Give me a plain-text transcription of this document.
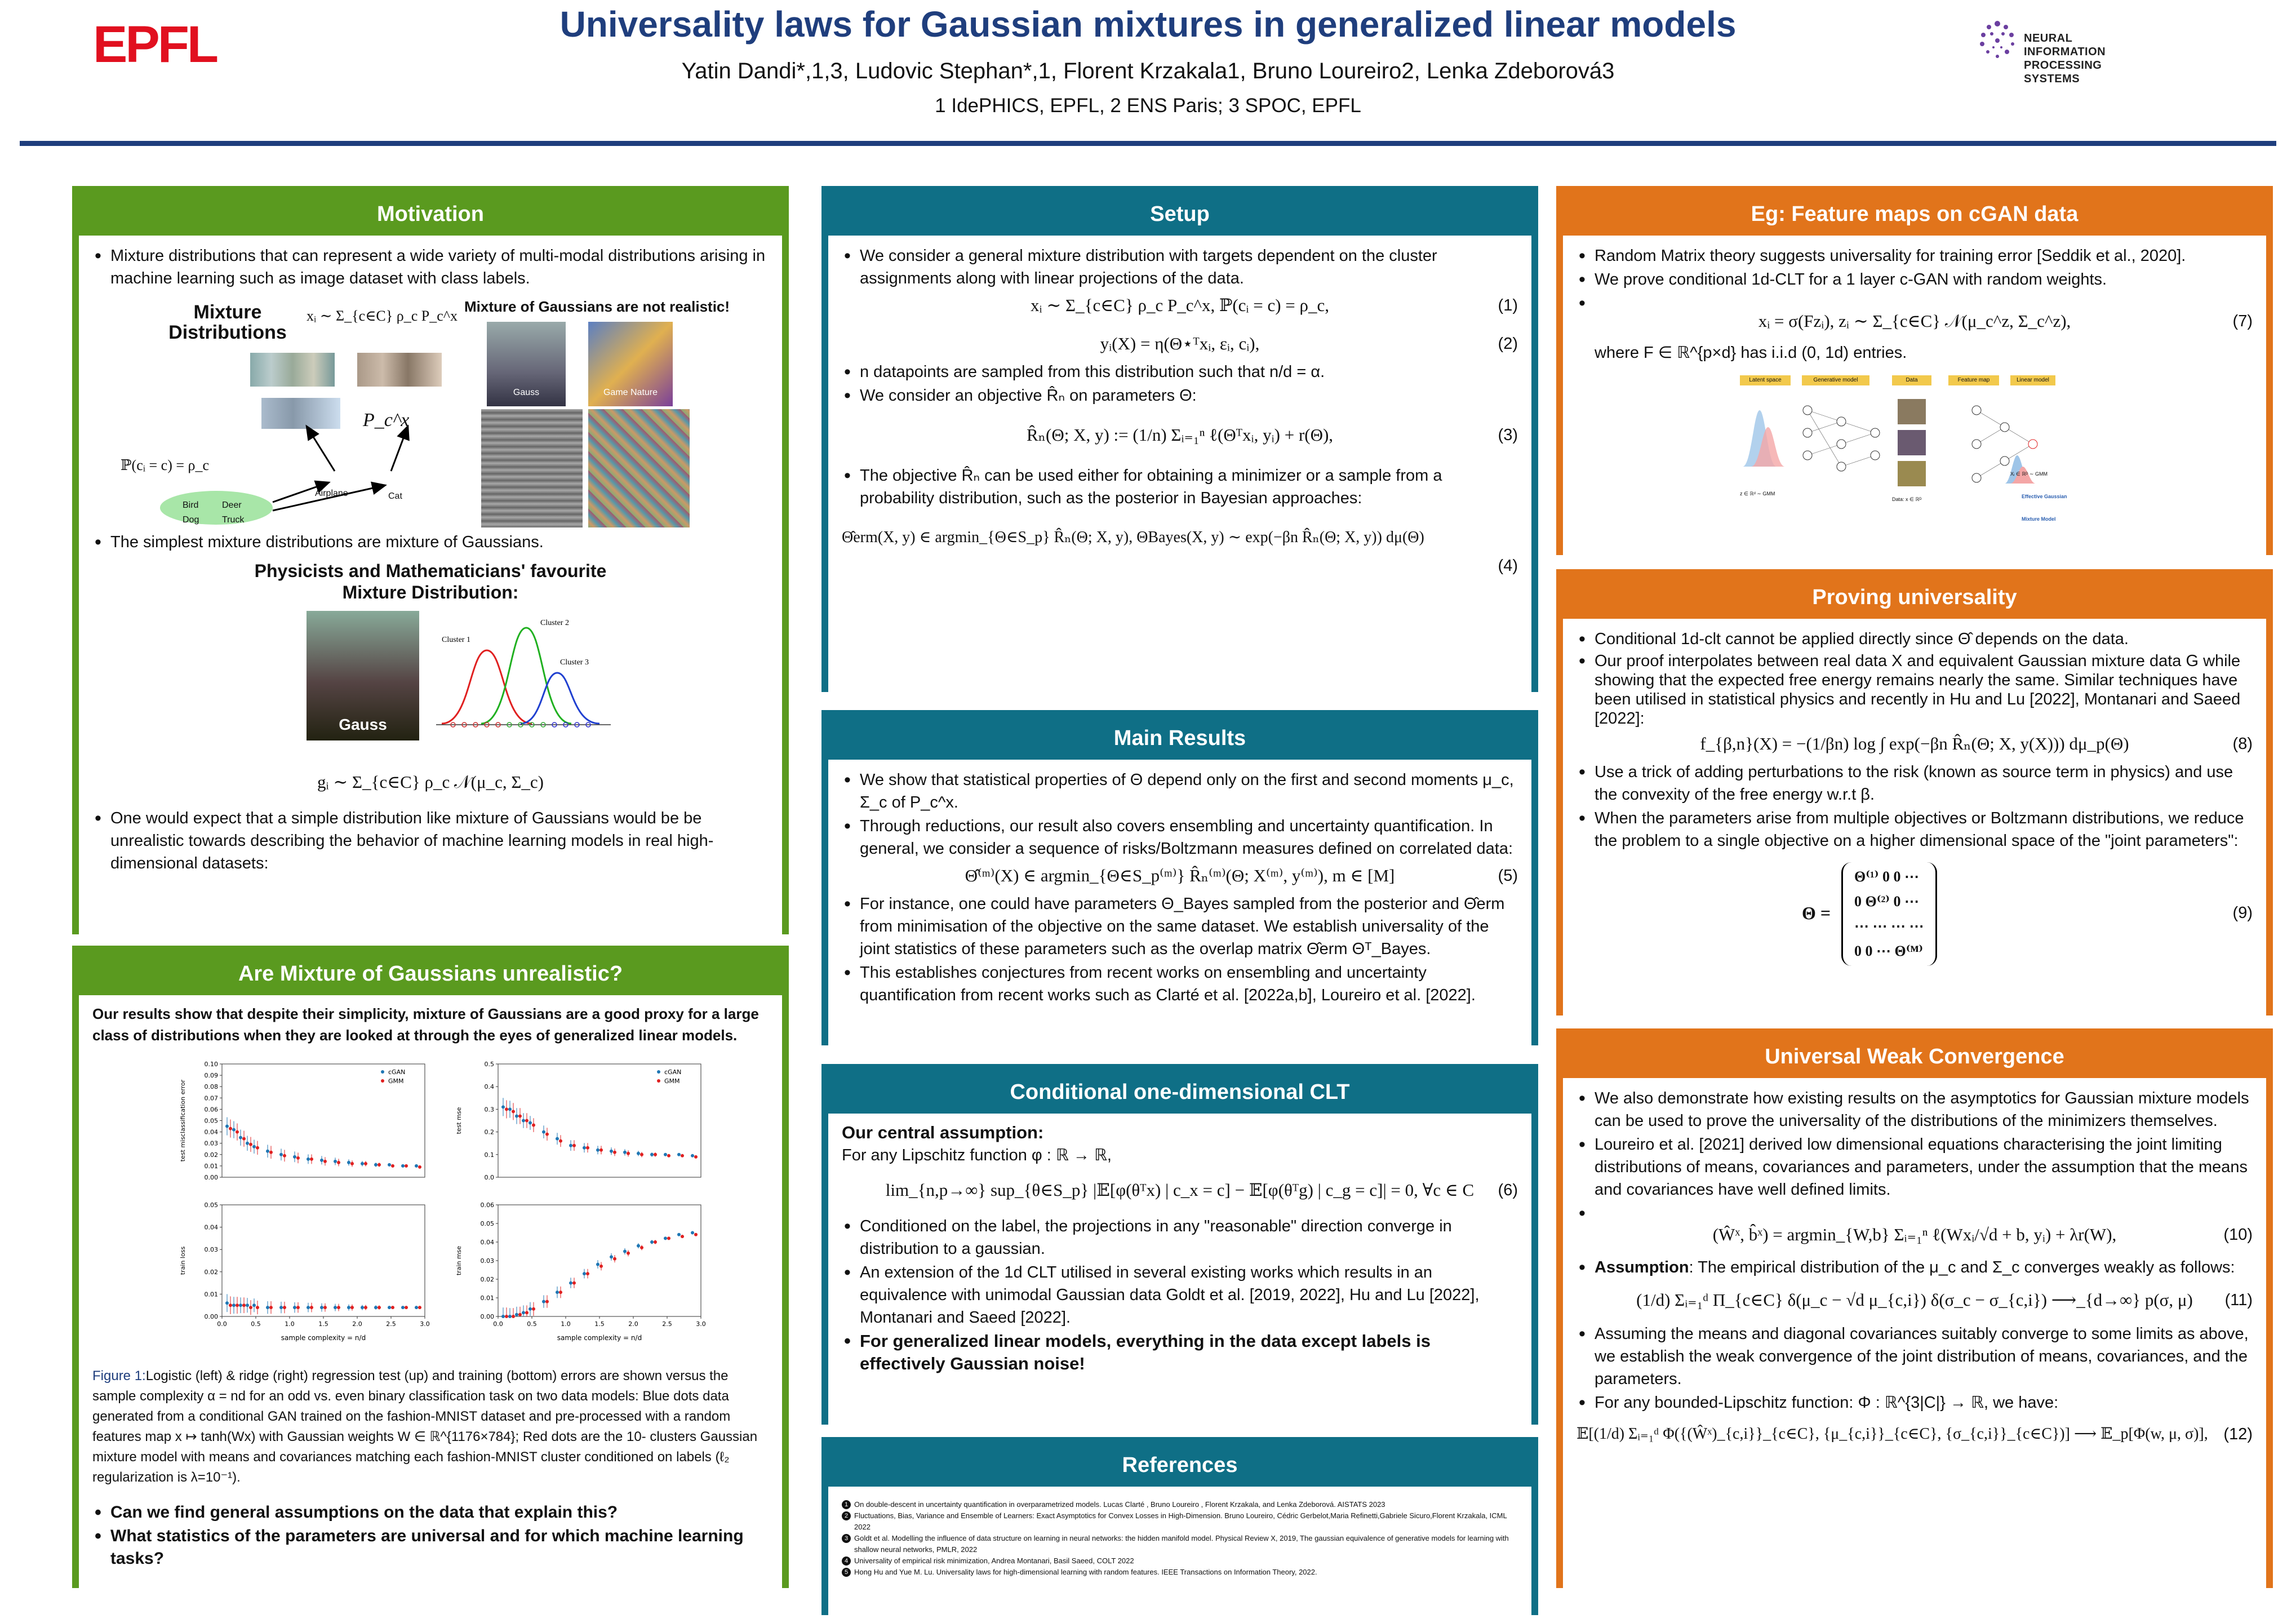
EPFL	Universality laws for Gaussian mixtures in generalized linear models
Yatin Dandi*,1,3, Ludovic Stephan*,1, Florent Krzakala1, Bruno Loureiro2, Lenka Zdeborová3
1 IdePHICS, EPFL, 2 ENS Paris; 3 SPOC, EPFL
NEURAL INFORMATION PROCESSING SYSTEMS
Motivation
• Mixture distributions that can represent a wide variety of multi-modal distributions arising in machine learning such as image dataset with class labels.
Mixture Distributions
xᵢ ∼ Σ_{c∈C} ρ_c P_c^x
Mixture of Gaussians are not realistic!
P_c^x
ℙ(cᵢ = c) = ρ_c
Bird	Deer
Dog	Truck
Airplane	Cat
Gauss	Game Nature
• The simplest mixture distributions are mixture of Gaussians.
Physicists and Mathematicians' favourite Mixture Distribution:
Gauss
Cluster 1
Cluster 2
Cluster 3
gᵢ ∼ Σ_{c∈C} ρ_c 𝒩(μ_c, Σ_c)
• One would expect that a simple distribution like mixture of Gaussians would be be unrealistic towards describing the behavior of machine learning models in real high-dimensional datasets:
Are Mixture of Gaussians unrealistic?
Our results show that despite their simplicity, mixture of Gaussians are a good proxy for a large class of distributions when they are looked at through the eyes of generalized linear models.
0.00
0.01
0.02
0.03
0.04
0.05
0.06
0.07
0.08
0.09
0.10
test misclassification error
cGAN
GMM
0.0
0.1
0.2
0.3
0.4
0.5
test mse
cGAN
GMM
0.00
0.01
0.02
0.03
0.04
0.05
0.0	0.5	1.0	1.5	2.0	2.5	3.0
sample complexity = n/d
train loss
0.00
0.01
0.02
0.03
0.04
0.05
0.06
0.0	0.5	1.0	1.5	2.0	2.5	3.0
sample complexity = n/d
train mse
Figure 1:Logistic (left) & ridge (right) regression test (up) and training (bottom) errors are shown versus the sample complexity α = nd for an odd vs. even binary classification task on two data models: Blue dots data generated from a conditional GAN trained on the fashion-MNIST dataset and pre-processed with a random features map x ↦ tanh(Wx) with Gaussian weights W ∈ ℝ^{1176×784}; Red dots are the 10- clusters Gaussian mixture model with means and covariances matching each fashion-MNIST cluster conditioned on labels (ℓ₂ regularization is λ=10⁻¹).
• Can we find general assumptions on the data that explain this?
• What statistics of the parameters are universal and for which machine learning tasks?
Setup
• We consider a general mixture distribution with targets dependent on the cluster assignments along with linear projections of the data.
xᵢ ∼ Σ_{c∈C} ρ_c P_c^x, ℙ(cᵢ = c) = ρ_c,	(1)
yᵢ(X) = η(Θ⋆ᵀxᵢ, εᵢ, cᵢ),	(2)
• n datapoints are sampled from this distribution such that n/d = α.
• We consider an objective R̂ₙ on parameters Θ:
R̂ₙ(Θ; X, y) := (1/n) Σᵢ₌₁ⁿ ℓ(Θᵀxᵢ, yᵢ) + r(Θ),	(3)
• The objective R̂ₙ can be used either for obtaining a minimizer or a sample from a probability distribution, such as the posterior in Bayesian approaches:
Θ̂erm(X, y) ∈ argmin_{Θ∈S_p} R̂ₙ(Θ; X, y), ΘBayes(X, y) ∼ exp(−βn R̂ₙ(Θ; X, y)) dμ(Θ)
(4)
Main Results
• We show that statistical properties of Θ depend only on the first and second moments μ_c, Σ_c of P_c^x.
• Through reductions, our result also covers ensembling and uncertainty quantification. In general, we consider a sequence of risks/Boltzmann measures defined on correlated data:
Θ̂⁽ᵐ⁾(X) ∈ argmin_{Θ∈S_p⁽ᵐ⁾} R̂ₙ⁽ᵐ⁾(Θ; X⁽ᵐ⁾, y⁽ᵐ⁾), m ∈ [M]	(5)
• For instance, one could have parameters Θ_Bayes sampled from the posterior and Θ̂erm from minimisation of the objective on the same dataset. We establish universality of the joint statistics of these parameters such as the overlap matrix Θ̂erm Θᵀ_Bayes.
• This establishes conjectures from recent works on ensembling and uncertainty quantification from recent works such as Clarté et al. [2022a,b], Loureiro et al. [2022].
Conditional one-dimensional CLT
Our central assumption:
For any Lipschitz function φ : ℝ → ℝ,
lim_{n,p→∞} sup_{θ∈S_p} |𝔼[φ(θᵀx) | c_x = c] − 𝔼[φ(θᵀg) | c_g = c]| = 0, ∀c ∈ C (6)
• Conditioned on the label, the projections in any "reasonable" direction converge in distribution to a gaussian.
• An extension of the 1d CLT utilised in several existing works which results in an equivalence with unimodal Gaussian data Goldt et al. [2019, 2022], Hu and Lu [2022], Montanari and Saeed [2022].
• For generalized linear models, everything in the data except labels is effectively Gaussian noise!
References
1 On double-descent in uncertainty quantification in overparametrized models. Lucas Clarté , Bruno Loureiro , Florent Krzakala, and Lenka Zdeborová. AISTATS 2023
2 Fluctuations, Bias, Variance and Ensemble of Learners: Exact Asymptotics for Convex Losses in High-Dimension. Bruno Loureiro, Cédric Gerbelot,Maria Refinetti,Gabriele Sicuro,Florent Krzakala, ICML 2022
3 Goldt et al. Modelling the influence of data structure on learning in neural networks: the hidden manifold model. Physical Review X, 2019, The gaussian equivalence of generative models for learning with shallow neural networks, PMLR, 2022
4 Universality of empirical risk minimization, Andrea Montanari, Basil Saeed, COLT 2022
5 Hong Hu and Yue M. Lu. Universality laws for high-dimensional learning with random features. IEEE Transactions on Information Theory, 2022.
Eg: Feature maps on cGAN data
• Random Matrix theory suggests universality for training error [Seddik et al., 2020].
• We prove conditional 1d-CLT for a 1 layer c-GAN with random weights.
•
xᵢ = σ(Fzᵢ), zᵢ ∼ Σ_{c∈C} 𝒩(μ_c^z, Σ_c^z),	(7)
where F ∈ ℝ^{p×d} has i.i.d (0, 1d) entries.
Latent space	Generative model	Data	Feature map	Linear model
z ∈ ℝᵈ ∼ GMM
Data: x ∈ ℝᴰ
Xᵢ ∈ ℝᴰ ∼ GMM
Effective Gaussian Mixture Model
Proving universality
• Conditional 1d-clt cannot be applied directly since Θ̂ depends on the data.
• Our proof interpolates between real data X and equivalent Gaussian mixture data G while showing that the expected free energy remains nearly the same. Similar techniques have been utilised in statistical physics and recently in Hu and Lu [2022], Montanari and Saeed [2022]:
f_{β,n}(X) = −(1/βn) log ∫ exp(−βn R̂ₙ(Θ; X, y(X))) dμ_p(Θ)	(8)
• Use a trick of adding perturbations to the risk (known as source term in physics) and use the convexity of the free energy w.r.t β.
• When the parameters arise from multiple objectives or Boltzmann distributions, we reduce the problem to a single objective on a higher dimensional space of the "joint parameters":
Θ =
Θ⁽¹⁾ 0 0 ⋯
0 Θ⁽²⁾ 0 ⋯
⋯ ⋯ ⋯ ⋯
0 0 ⋯ Θ⁽ᴹ⁾
(9)
Universal Weak Convergence
• We also demonstrate how existing results on the asymptotics for Gaussian mixture models can be used to prove the universality of the distributions of the minimizers themselves.
• Loureiro et al. [2021] derived low dimensional equations characterising the joint limiting distributions of means, covariances and parameters, under the assumption that the means and covariances have well defined limits.
•
(Ŵˣ, b̂ˣ) = argmin_{W,b} Σᵢ₌₁ⁿ ℓ(Wxᵢ/√d + b, yᵢ) + λr(W),	(10)
• Assumption: The empirical distribution of the μ_c and Σ_c converges weakly as follows:
(1/d) Σᵢ₌₁ᵈ Π_{c∈C} δ(μ_c − √d μ_{c,i}) δ(σ_c − σ_{c,i}) ⟶_{d→∞} p(σ, μ) (11)
• Assuming the means and diagonal covariances suitably converge to some limits as above, we establish the weak convergence of the joint distribution of means, covariances, and the parameters.
• For any bounded-Lipschitz function: Φ : ℝ^{3|C|} → ℝ, we have:
𝔼[(1/d) Σᵢ₌₁ᵈ Φ({(Ŵˣ)_{c,i}}_{c∈C}, {μ_{c,i}}_{c∈C}, {σ_{c,i}}_{c∈C})] ⟶ 𝔼_p[Φ(w, μ, σ)], (12)
